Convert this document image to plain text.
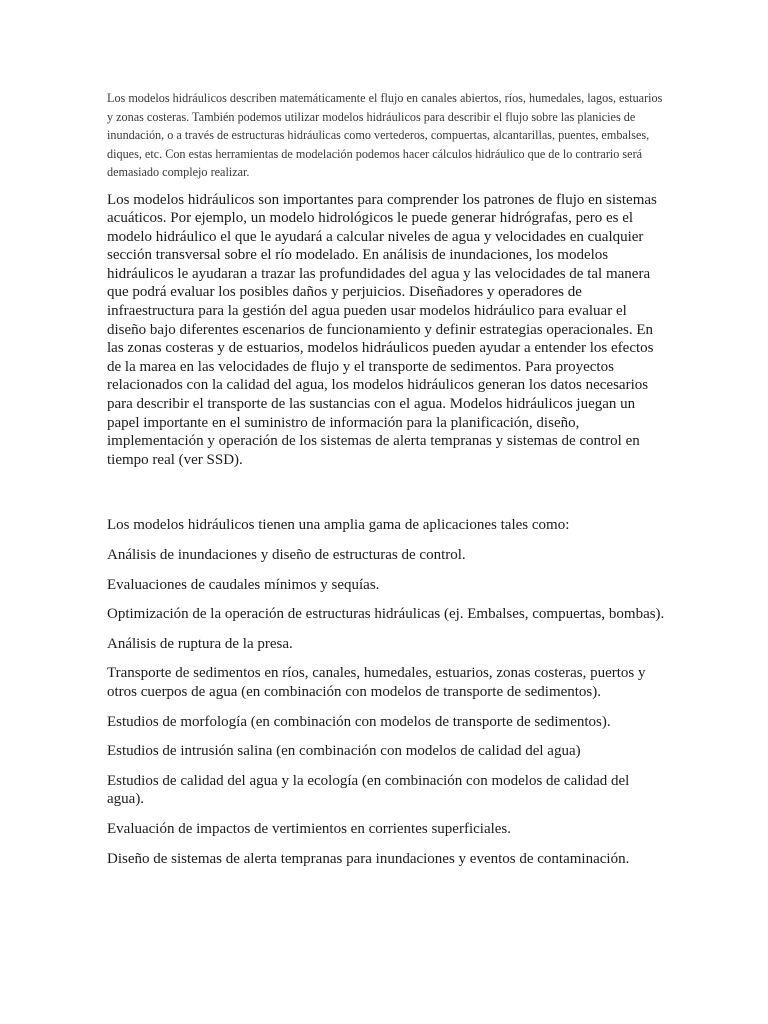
Los modelos hidráulicos describen matemáticamente el flujo en canales abiertos, ríos, humedales, lagos, estuarios y zonas costeras. También podemos utilizar modelos hidráulicos para describir el flujo sobre las planicies de inundación, o a través de estructuras hidráulicas como vertederos, compuertas, alcantarillas, puentes, embalses, diques, etc. Con estas herramientas de modelación podemos hacer cálculos hidráulico que de lo contrario será demasiado complejo realizar.

Los modelos hidráulicos son importantes para comprender los patrones de flujo en sistemas acuáticos. Por ejemplo, un modelo hidrológicos le puede generar hidrógrafas, pero es el modelo hidráulico el que le ayudará a calcular niveles de agua y velocidades en cualquier sección transversal sobre el río modelado. En análisis de inundaciones, los modelos hidráulicos le ayudaran a trazar las profundidades del agua y las velocidades de tal manera que podrá evaluar los posibles daños y perjuicios. Diseñadores y operadores de infraestructura para la gestión del agua pueden usar modelos hidráulico para evaluar el diseño bajo diferentes escenarios de funcionamiento y definir estrategias operacionales. En las zonas costeras y de estuarios, modelos hidráulicos pueden ayudar a entender los efectos de la marea en las velocidades de flujo y el transporte de sedimentos. Para proyectos relacionados con la calidad del agua, los modelos hidráulicos generan los datos necesarios para describir el transporte de las sustancias con el agua. Modelos hidráulicos juegan un papel importante en el suministro de información para la planificación, diseño, implementación y operación de los sistemas de alerta tempranas y sistemas de control en tiempo real (ver SSD).

Los modelos hidráulicos tienen una amplia gama de aplicaciones tales como:

Análisis de inundaciones y diseño de estructuras de control.
Evaluaciones de caudales mínimos y sequías.
Optimización de la operación de estructuras hidráulicas (ej. Embalses, compuertas, bombas).
Análisis de ruptura de la presa.
Transporte de sedimentos en ríos, canales, humedales, estuarios, zonas costeras, puertos y otros cuerpos de agua (en combinación con modelos de transporte de sedimentos).
Estudios de morfología (en combinación con modelos de transporte de sedimentos).
Estudios de intrusión salina (en combinación con modelos de calidad del agua)
Estudios de calidad del agua y la ecología (en combinación con modelos de calidad del agua).
Evaluación de impactos de vertimientos en corrientes superficiales.
Diseño de sistemas de alerta tempranas para inundaciones y eventos de contaminación.
